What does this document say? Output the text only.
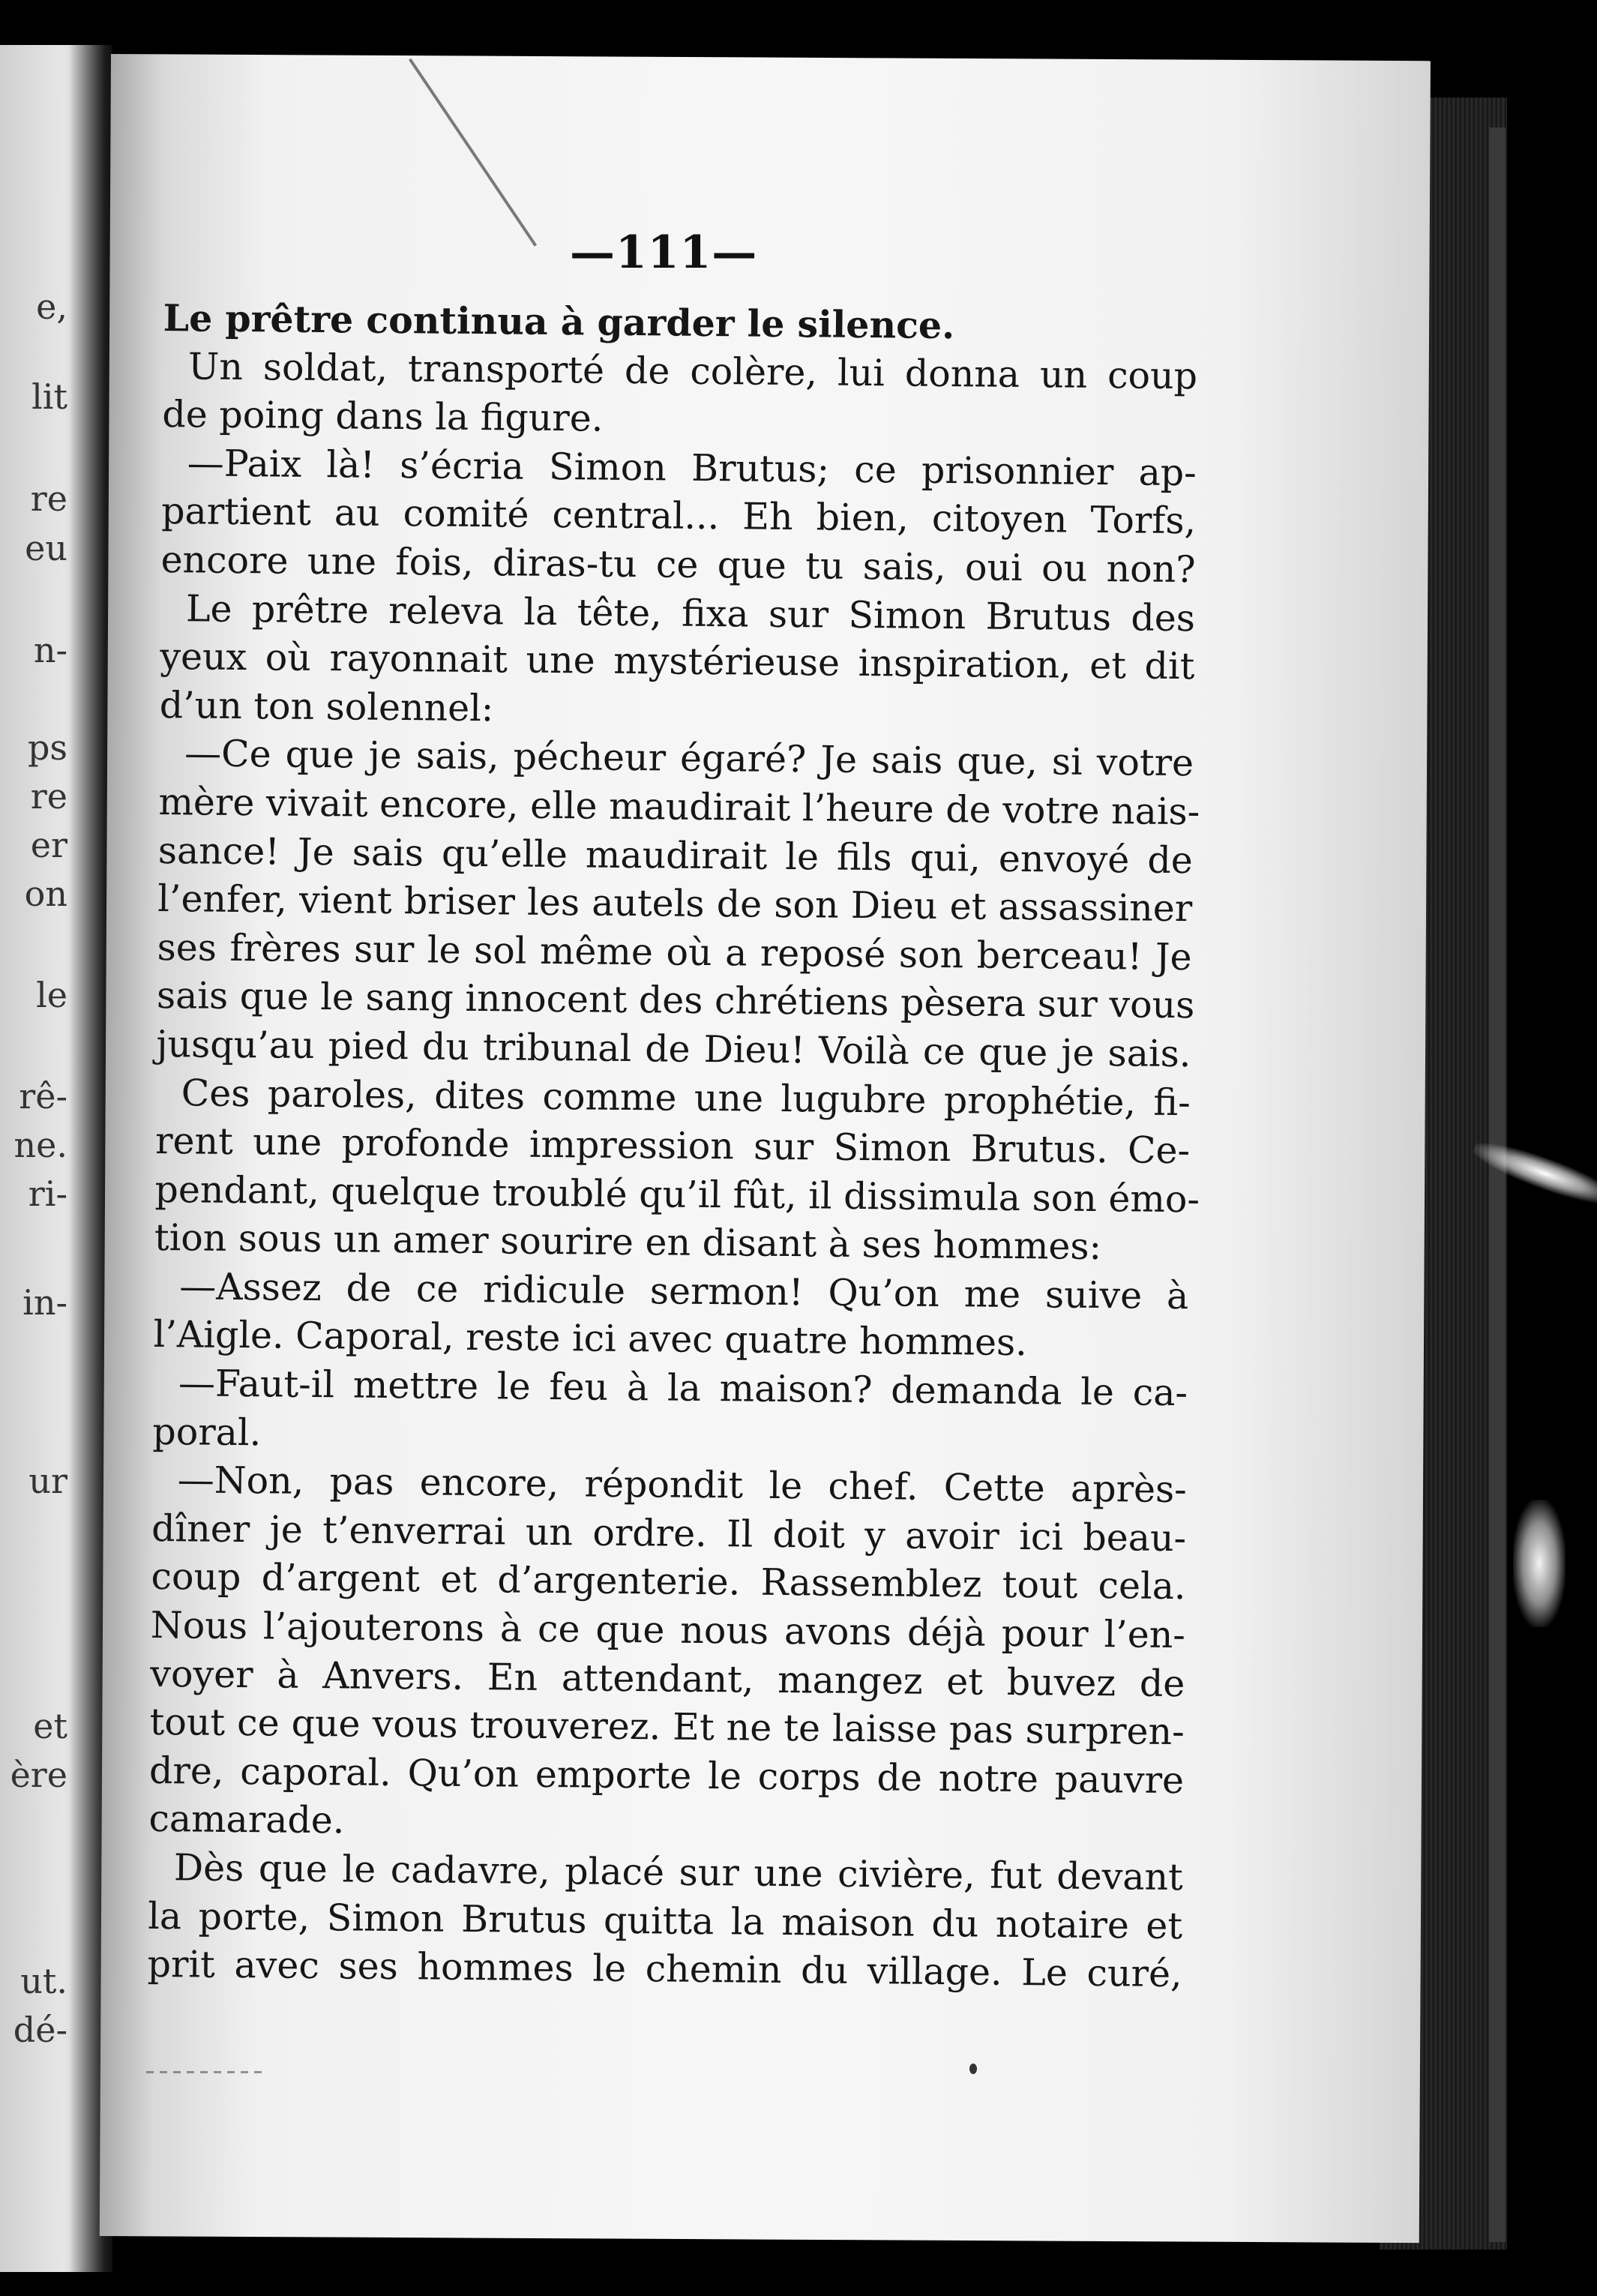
e,
lit
re
eu
n-
ps
re
er
on
le
rê-
ne.
ri-
in-
ur
et
ère
ut.
dé-
—111—
Le prêtre continua à garder le silence.
Un soldat, transporté de colère, lui donna un coup
de poing dans la figure.
—Paix là! s’écria Simon Brutus; ce prisonnier ap-
partient au comité central... Eh bien, citoyen Torfs,
encore une fois, diras-tu ce que tu sais, oui ou non?
Le prêtre releva la tête, fixa sur Simon Brutus des
yeux où rayonnait une mystérieuse inspiration, et dit
d’un ton solennel:
—Ce que je sais, pécheur égaré? Je sais que, si votre
mère vivait encore, elle maudirait l’heure de votre nais-
sance! Je sais qu’elle maudirait le fils qui, envoyé de
l’enfer, vient briser les autels de son Dieu et assassiner
ses frères sur le sol même où a reposé son berceau! Je
sais que le sang innocent des chrétiens pèsera sur vous
jusqu’au pied du tribunal de Dieu! Voilà ce que je sais.
Ces paroles, dites comme une lugubre prophétie, fi-
rent une profonde impression sur Simon Brutus. Ce-
pendant, quelque troublé qu’il fût, il dissimula son émo-
tion sous un amer sourire en disant à ses hommes:
—Assez de ce ridicule sermon! Qu’on me suive à
l’Aigle. Caporal, reste ici avec quatre hommes.
—Faut-il mettre le feu à la maison? demanda le ca-
poral.
—Non, pas encore, répondit le chef. Cette après-
dîner je t’enverrai un ordre. Il doit y avoir ici beau-
coup d’argent et d’argenterie. Rassemblez tout cela.
Nous l’ajouterons à ce que nous avons déjà pour l’en-
voyer à Anvers. En attendant, mangez et buvez de
tout ce que vous trouverez. Et ne te laisse pas surpren-
dre, caporal. Qu’on emporte le corps de notre pauvre
camarade.
Dès que le cadavre, placé sur une civière, fut devant
la porte, Simon Brutus quitta la maison du notaire et
prit avec ses hommes le chemin du village. Le curé,
